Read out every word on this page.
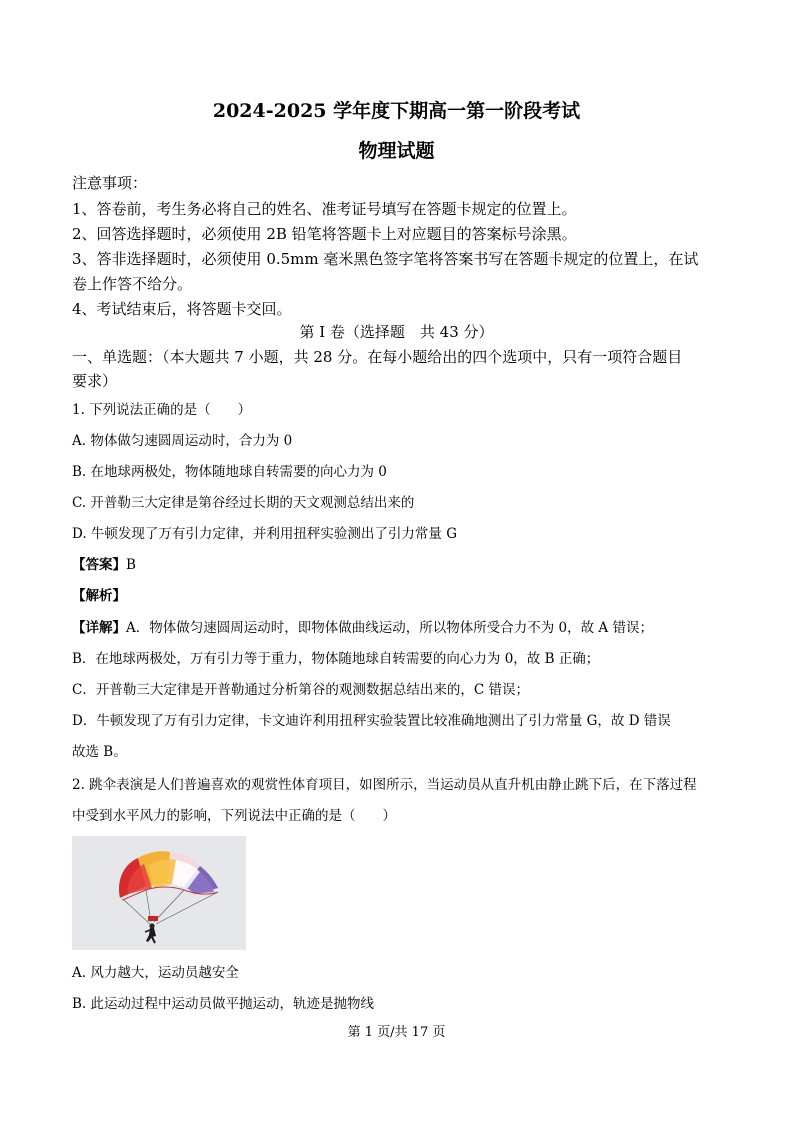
2024-2025 学年度下期高一第一阶段考试
物理试题
注意事项：
1、答卷前，考生务必将自己的姓名、准考证号填写在答题卡规定的位置上。
2、回答选择题时，必须使用 2B 铅笔将答题卡上对应题目的答案标号涂黑。
3、答非选择题时，必须使用 0.5mm 毫米黑色签字笔将答案书写在答题卡规定的位置上，在试
卷上作答不给分。
4、考试结束后，将答题卡交回。
第 I 卷（选择题　共 43 分）
一、单选题：（本大题共 7 小题，共 28 分。在每小题给出的四个选项中，只有一项符合题目
要求）
1. 下列说法正确的是（　　）
A. 物体做匀速圆周运动时，合力为 0
B. 在地球两极处，物体随地球自转需要的向心力为 0
C. 开普勒三大定律是第谷经过长期的天文观测总结出来的
D. 牛顿发现了万有引力定律，并利用扭秤实验测出了引力常量 G
【答案】B
【解析】
【详解】A．物体做匀速圆周运动时，即物体做曲线运动，所以物体所受合力不为 0，故 A 错误；
B．在地球两极处，万有引力等于重力，物体随地球自转需要的向心力为 0，故 B 正确；
C．开普勒三大定律是开普勒通过分析第谷的观测数据总结出来的，C 错误；
D．牛顿发现了万有引力定律，卡文迪许利用扭秤实验装置比较准确地测出了引力常量 G，故 D 错误
故选 B。
2. 跳伞表演是人们普遍喜欢的观赏性体育项目，如图所示，当运动员从直升机由静止跳下后，在下落过程
中受到水平风力的影响，下列说法中正确的是（　　）
A. 风力越大，运动员越安全
B. 此运动过程中运动员做平抛运动，轨迹是抛物线
第 1 页/共 17 页
